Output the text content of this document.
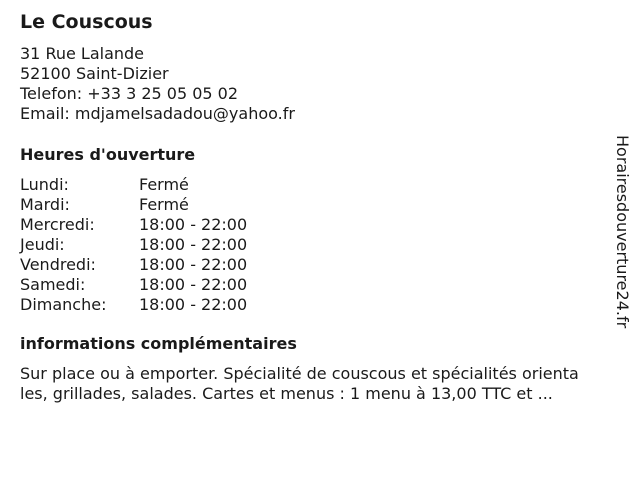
Le Couscous
31 Rue Lalande
52100 Saint-Dizier
Telefon: +33 3 25 05 05 02
Email: mdjamelsadadou@yahoo.fr
Heures d'ouverture
Lundi:	Fermé
Mardi:	Fermé
Mercredi:	18:00 - 22:00
Jeudi:	18:00 - 22:00
Vendredi:	18:00 - 22:00
Samedi:	18:00 - 22:00
Dimanche:	18:00 - 22:00
informations complémentaires
Sur place ou à emporter. Spécialité de couscous et spécialités orienta
les, grillades, salades. Cartes et menus : 1 menu à 13,00 TTC et ...
Horairesdouverture24.fr
